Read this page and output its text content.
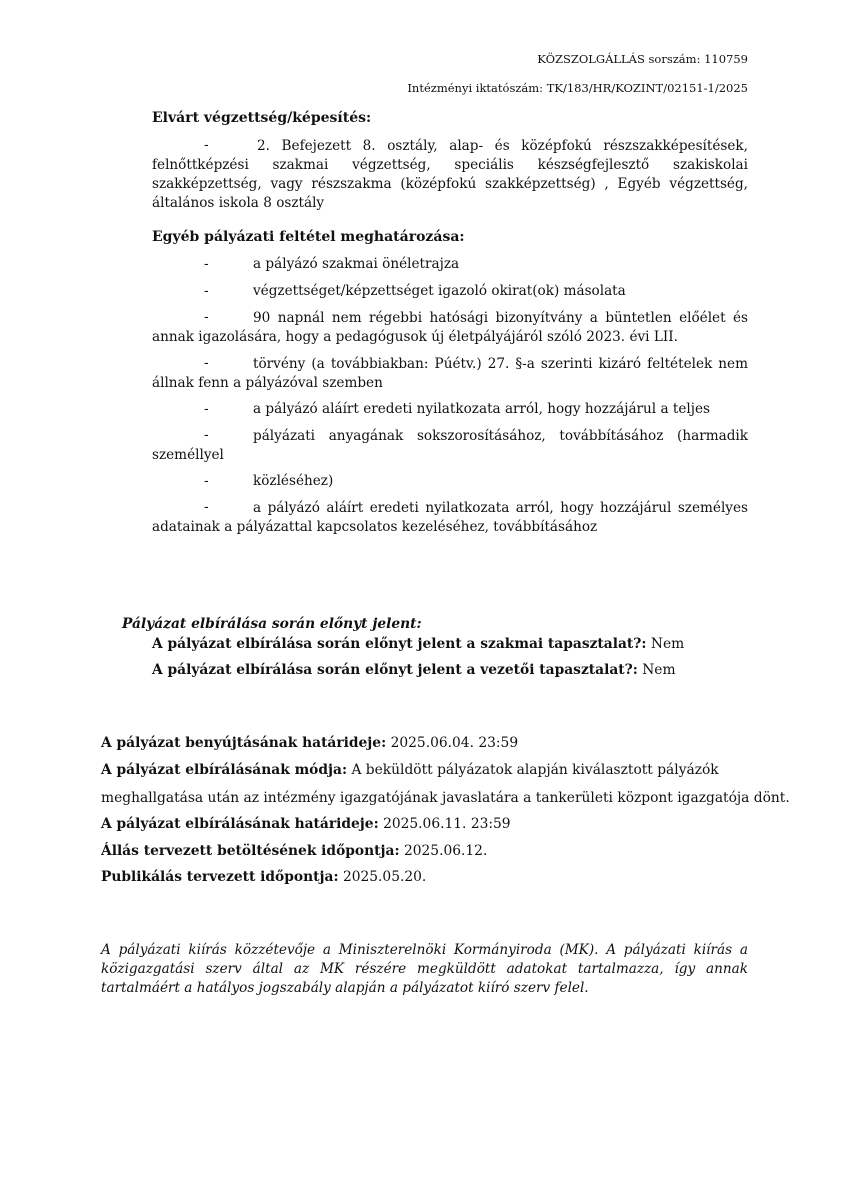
KÖZSZOLGÁLLÁS sorszám: 110759
Intézményi iktatószám: TK/183/HR/KOZINT/02151-1/2025
Elvárt végzettség/képesítés:
-	2. Befejezett 8. osztály, alap- és középfokú részszakképesítések, felnőttképzési szakmai végzettség, speciális készségfejlesztő szakiskolai szakképzettség, vagy részszakma (középfokú szakképzettség) , Egyéb végzettség, általános iskola 8 osztály
Egyéb pályázati feltétel meghatározása:
-	a pályázó szakmai önéletrajza
-	végzettséget/képzettséget igazoló okirat(ok) másolata
-	90 napnál nem régebbi hatósági bizonyítvány a büntetlen előélet és annak igazolására, hogy a pedagógusok új életpályájáról szóló 2023. évi LII.
-	törvény (a továbbiakban: Púétv.) 27. §-a szerinti kizáró feltételek nem állnak fenn a pályázóval szemben
-	a pályázó aláírt eredeti nyilatkozata arról, hogy hozzájárul a teljes
-	pályázati anyagának sokszorosításához, továbbításához (harmadik személlyel
-	közléséhez)
-	a pályázó aláírt eredeti nyilatkozata arról, hogy hozzájárul személyes adatainak a pályázattal kapcsolatos kezeléséhez, továbbításához
Pályázat elbírálása során előnyt jelent:
A pályázat elbírálása során előnyt jelent a szakmai tapasztalat?: Nem
A pályázat elbírálása során előnyt jelent a vezetői tapasztalat?: Nem
A pályázat benyújtásának határideje: 2025.06.04. 23:59
A pályázat elbírálásának módja: A beküldött pályázatok alapján kiválasztott pályázók
meghallgatása után az intézmény igazgatójának javaslatára a tankerületi központ igazgatója dönt.
A pályázat elbírálásának határideje: 2025.06.11. 23:59
Állás tervezett betöltésének időpontja: 2025.06.12.
Publikálás tervezett időpontja: 2025.05.20.
A pályázati kiírás közzétevője a Miniszterelnöki Kormányiroda (MK). A pályázati kiírás a közigazgatási szerv által az MK részére megküldött adatokat tartalmazza, így annak tartalmáért a hatályos jogszabály alapján a pályázatot kiíró szerv felel.
